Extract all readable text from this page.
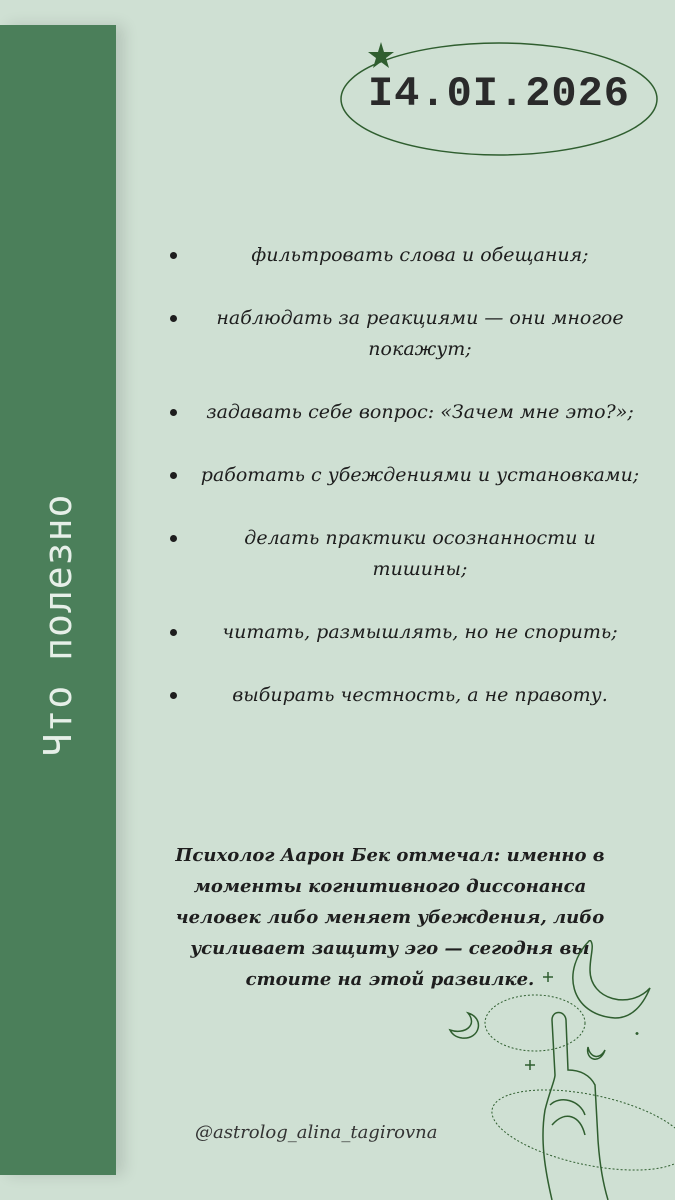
Что полезно
I4.0I.2026
фильтровать слова и обещания;
наблюдать за реакциями — они многое покажут;
задавать себе вопрос: «Зачем мне это?»;
работать с убеждениями и установками;
делать практики осознанности и тишины;
читать, размышлять, но не спорить;
выбирать честность, а не правоту.
Психолог Аарон Бек отмечал: именно в моменты когнитивного диссонанса человек либо меняет убеждения, либо усиливает защиту эго — сегодня вы стоите на этой развилке.
@astrolog_alina_tagirovna
